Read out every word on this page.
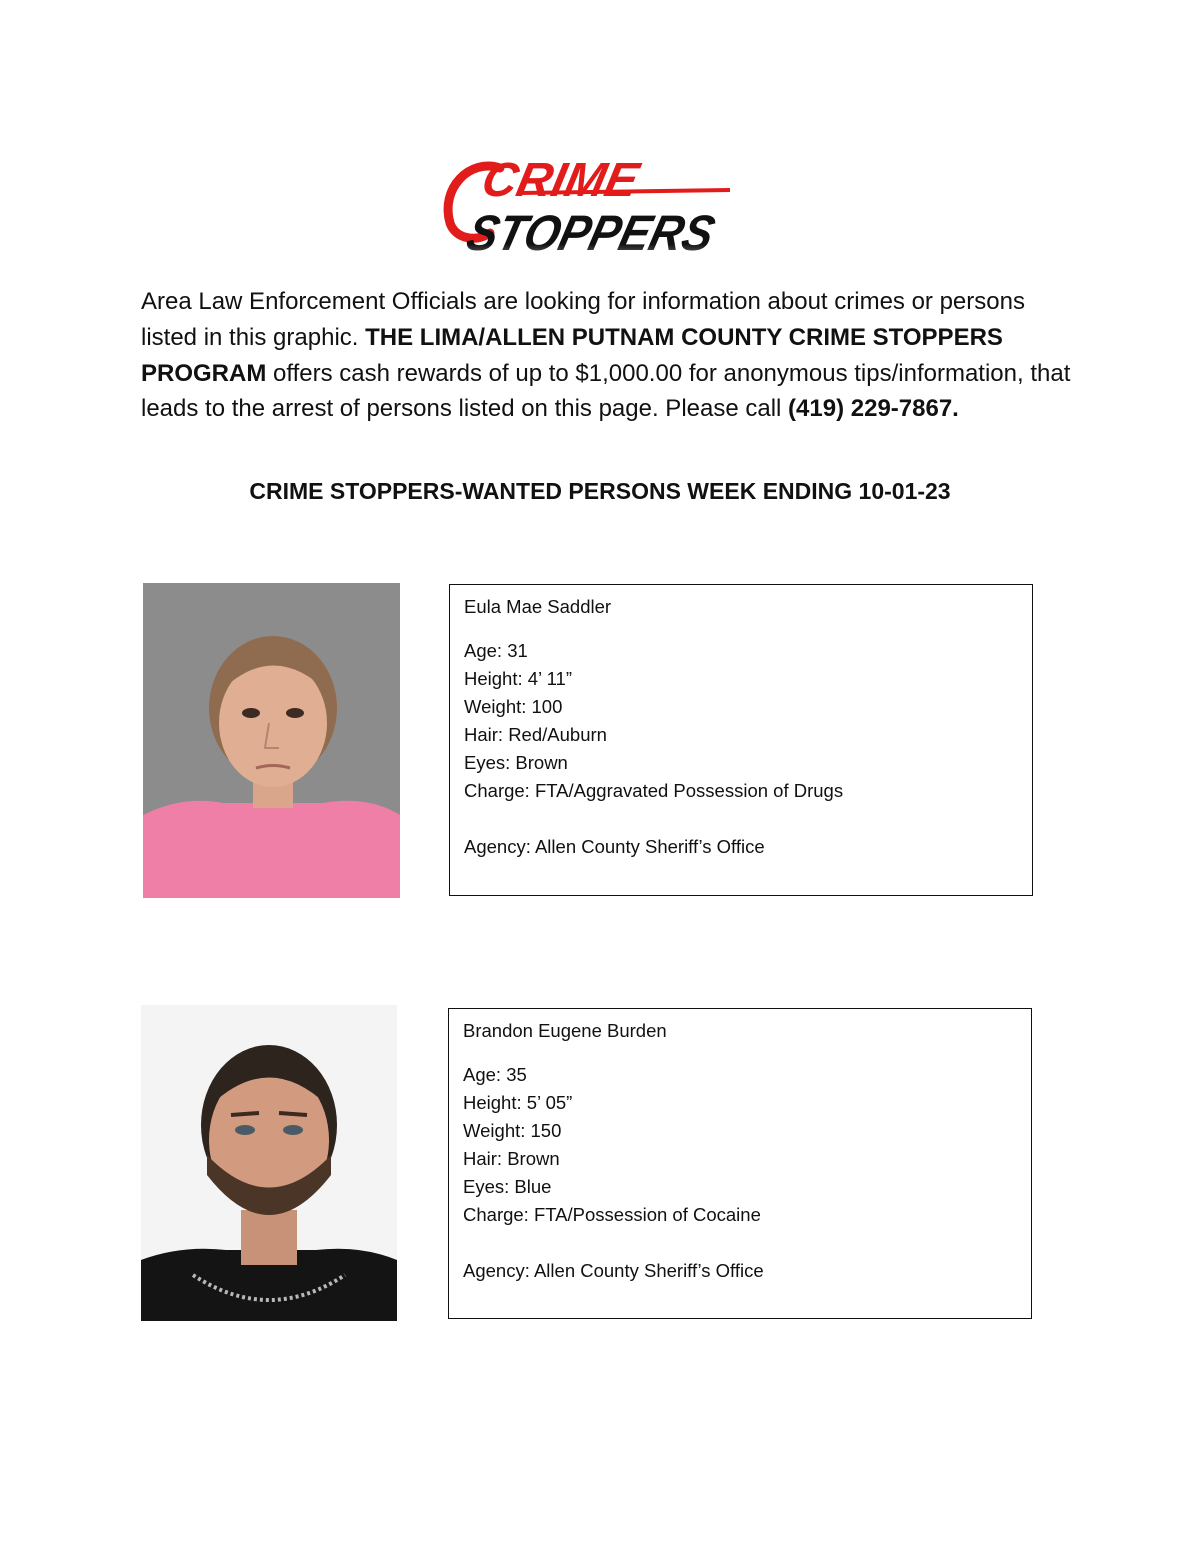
CRIME
STOPPERS
Area Law Enforcement Officials are looking for information about crimes or persons listed in this graphic. THE LIMA/ALLEN PUTNAM COUNTY CRIME STOPPERS PROGRAM offers cash rewards of up to $1,000.00 for anonymous tips/information, that leads to the arrest of persons listed on this page. Please call (419) 229-7867.
CRIME STOPPERS-WANTED PERSONS WEEK ENDING 10-01-23
Eula Mae Saddler
Age: 31
Height: 4’ 11”
Weight: 100
Hair: Red/Auburn
Eyes: Brown
Charge: FTA/Aggravated Possession of Drugs
Agency: Allen County Sheriff’s Office
Brandon Eugene Burden
Age: 35
Height: 5’ 05”
Weight: 150
Hair: Brown
Eyes: Blue
Charge: FTA/Possession of Cocaine
Agency: Allen County Sheriff’s Office
